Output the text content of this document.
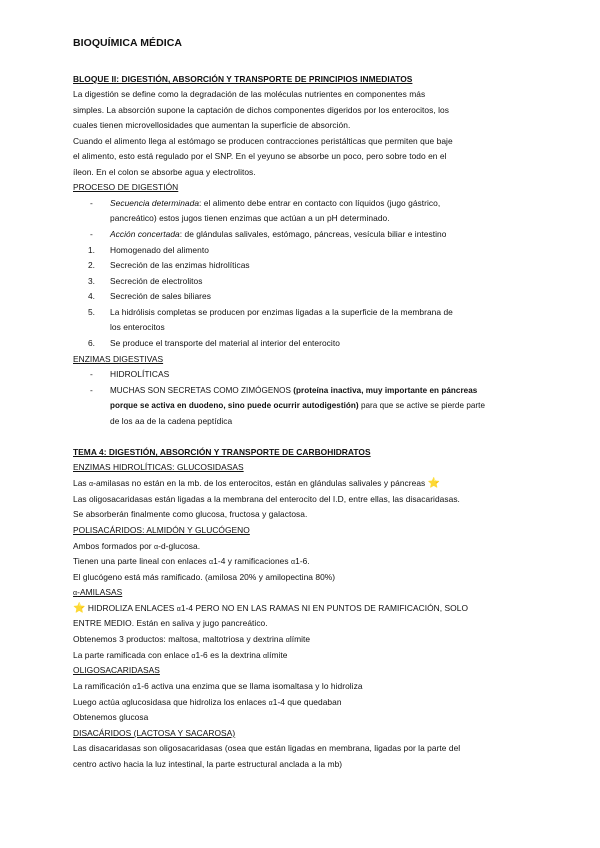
BIOQUÍMICA MÉDICA
BLOQUE II: DIGESTIÓN, ABSORCIÓN Y TRANSPORTE DE PRINCIPIOS INMEDIATOS
La digestión se define como la degradación de las moléculas nutrientes en componentes más
simples. La absorción supone la captación de dichos componentes digeridos por los enterocitos, los
cuales tienen microvellosidades que aumentan la superficie de absorción.
Cuando el alimento llega al estómago se producen contracciones peristálticas que permiten que baje
el alimento, esto está regulado por el SNP. En el yeyuno se absorbe un poco, pero sobre todo en el
íleon. En el colon se absorbe agua y electrolitos.
PROCESO DE DIGESTIÓN
- Secuencia determinada: el alimento debe entrar en contacto con líquidos (jugo gástrico,
pancreático) estos jugos tienen enzimas que actúan a un pH determinado.
- Acción concertada: de glándulas salivales, estómago, páncreas, vesícula biliar e intestino
1. Homogenado del alimento
2. Secreción de las enzimas hidrolíticas
3. Secreción de electrolitos
4. Secreción de sales biliares
5. La hidrólisis completas se producen por enzimas ligadas a la superficie de la membrana de
los enterocitos
6. Se produce el transporte del material al interior del enterocito
ENZIMAS DIGESTIVAS
- HIDROLÍTICAS
- MUCHAS SON SECRETAS COMO ZIMÓGENOS (proteína inactiva, muy importante en páncreas
porque se activa en duodeno, sino puede ocurrir autodigestión) para que se active se pierde parte
de los aa de la cadena peptídica
TEMA 4: DIGESTIÓN, ABSORCIÓN Y TRANSPORTE DE CARBOHIDRATOS
ENZIMAS HIDROLÍTICAS: GLUCOSIDASAS
Las α-amilasas no están en la mb. de los enterocitos, están en glándulas salivales y páncreas ⭐
Las oligosacaridasas están ligadas a la membrana del enterocito del I.D, entre ellas, las disacaridasas.
Se absorberán finalmente como glucosa, fructosa y galactosa.
POLISACÁRIDOS: ALMIDÓN Y GLUCÓGENO
Ambos formados por α-d-glucosa.
Tienen una parte lineal con enlaces α1-4 y ramificaciones α1-6.
El glucógeno está más ramificado. (amilosa 20% y amilopectina 80%)
α-AMILASAS
⭐ HIDROLIZA ENLACES α1-4 PERO NO EN LAS RAMAS NI EN PUNTOS DE RAMIFICACIÓN, SOLO
ENTRE MEDIO. Están en saliva y jugo pancreático.
Obtenemos 3 productos: maltosa, maltotriosa y dextrina αlímite
La parte ramificada con enlace α1-6 es la dextrina αlímite
OLIGOSACARIDASAS
La ramificación α1-6 activa una enzima que se llama isomaltasa y lo hidroliza
Luego actúa αglucosidasa que hidroliza los enlaces α1-4 que quedaban
Obtenemos glucosa
DISACÁRIDOS (LACTOSA Y SACAROSA)
Las disacaridasas son oligosacaridasas (osea que están ligadas en membrana, ligadas por la parte del
centro activo hacia la luz intestinal, la parte estructural anclada a la mb)
